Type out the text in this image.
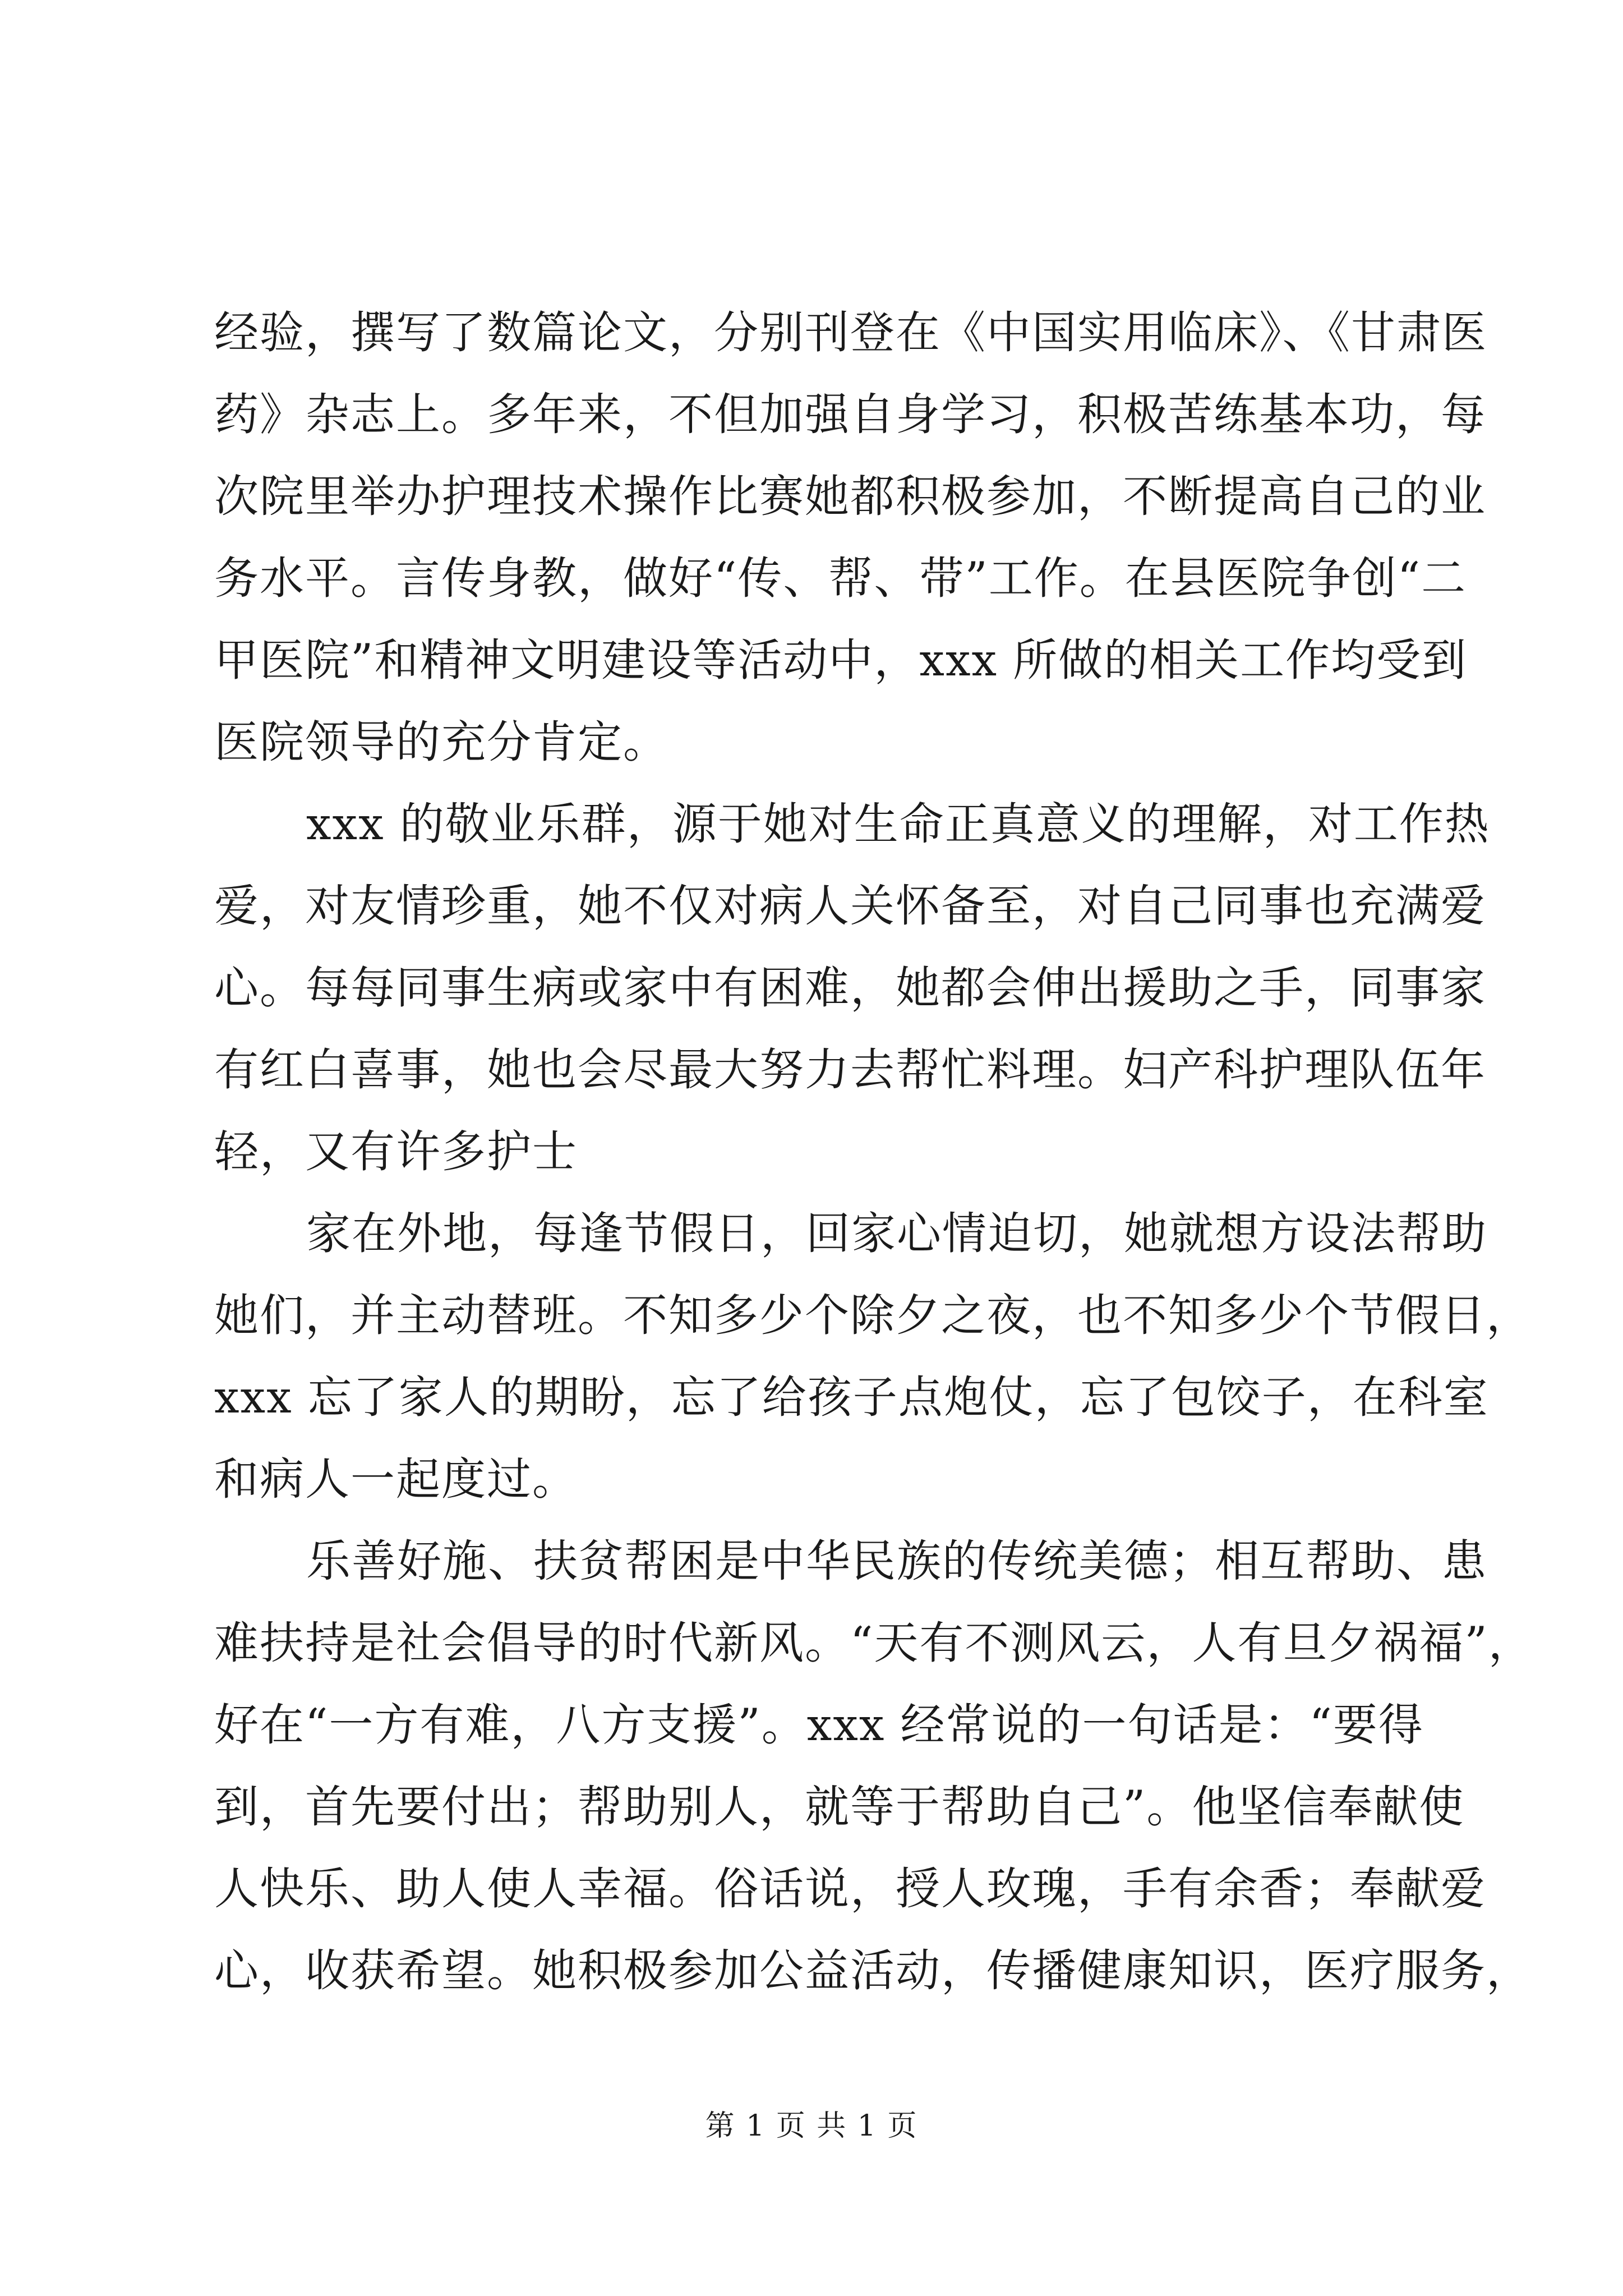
经验，撰写了数篇论文，分别刊登在《中国实用临床》、《甘肃医
药》杂志上。多年来，不但加强自身学习，积极苦练基本功，每
次院里举办护理技术操作比赛她都积极参加，不断提高自己的业
务水平。言传身教，做好“传、帮、带”工作。在县医院争创“二
甲医院”和精神文明建设等活动中，xxx 所做的相关工作均受到
医院领导的充分肯定。

xxx 的敬业乐群，源于她对生命正真意义的理解，对工作热
爱，对友情珍重，她不仅对病人关怀备至，对自己同事也充满爱
心。每每同事生病或家中有困难，她都会伸出援助之手，同事家
有红白喜事，她也会尽最大努力去帮忙料理。妇产科护理队伍年
轻，又有许多护士

家在外地，每逢节假日，回家心情迫切，她就想方设法帮助
她们，并主动替班。不知多少个除夕之夜，也不知多少个节假日，
xxx 忘了家人的期盼，忘了给孩子点炮仗，忘了包饺子，在科室
和病人一起度过。

乐善好施、扶贫帮困是中华民族的传统美德；相互帮助、患
难扶持是社会倡导的时代新风。“天有不测风云，人有旦夕祸福”，
好在“一方有难，八方支援”。xxx 经常说的一句话是：“要得
到，首先要付出；帮助别人，就等于帮助自己”。他坚信奉献使
人快乐、助人使人幸福。俗话说，授人玫瑰，手有余香；奉献爱
心，收获希望。她积极参加公益活动，传播健康知识，医疗服务，

第 1 页 共 1 页
